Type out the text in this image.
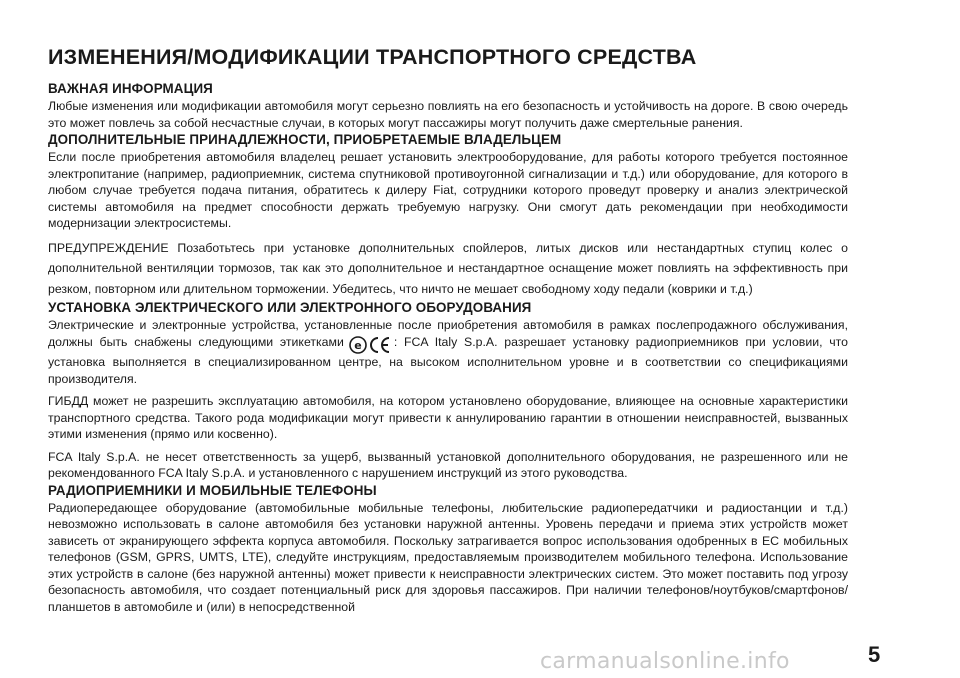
ИЗМЕНЕНИЯ/МОДИФИКАЦИИ ТРАНСПОРТНОГО СРЕДСТВА
ВАЖНАЯ ИНФОРМАЦИЯ

Любые изменения или модификации автомобиля могут серьезно повлиять на его безопасность и устойчивость на дороге. В свою очередь это может повлечь за собой несчастные случаи, в которых могут пассажиры могут получить даже смертельные ранения.

ДОПОЛНИТЕЛЬНЫЕ ПРИНАДЛЕЖНОСТИ, ПРИОБРЕТАЕМЫЕ ВЛАДЕЛЬЦЕМ

Если после приобретения автомобиля владелец решает установить электрооборудование, для работы которого требуется постоянное электропитание (например, радиоприемник, система спутниковой противоугонной сигнализации и т.д.) или оборудование, для которого в любом случае требуется подача питания, обратитесь к дилеру Fiat, сотрудники которого проведут проверку и анализ электрической системы автомобиля на предмет способности держать требуемую нагрузку. Они смогут дать рекомендации при необходимости модернизации электросистемы.

ПРЕДУПРЕЖДЕНИЕ Позаботьтесь при установке дополнительных спойлеров, литых дисков или нестандартных ступиц колес о дополнительной вентиляции тормозов, так как это дополнительное и нестандартное оснащение может повлиять на эффективность при резком, повторном или длительном торможении. Убедитесь, что ничто не мешает свободному ходу педали (коврики и т.д.)

УСТАНОВКА ЭЛЕКТРИЧЕСКОГО ИЛИ ЭЛЕКТРОННОГО ОБОРУДОВАНИЯ

Электрические и электронные устройства, установленные после приобретения автомобиля в рамках послепродажного обслуживания, должны быть снабжены следующими этикетками e	: FCA Italy S.p.A. разрешает установку радиоприемников при условии, что установка выполняется в специализированном центре, на высоком исполнительном уровне и в соответствии со спецификациями производителя.

ГИБДД может не разрешить эксплуатацию автомобиля, на котором установлено оборудование, влияющее на основные характеристики транспортного средства. Такого рода модификации могут привести к аннулированию гарантии в отношении неисправностей, вызванных этими изменения (прямо или косвенно).

FCA Italy S.p.A. не несет ответственность за ущерб, вызванный установкой дополнительного оборудования, не разрешенного или не рекомендованного FCA Italy S.p.A. и установленного с нарушением инструкций из этого руководства.

РАДИОПРИЕМНИКИ И МОБИЛЬНЫЕ ТЕЛЕФОНЫ

Радиопередающее оборудование (автомобильные мобильные телефоны, любительские радиопередатчики и радиостанции и т.д.) невозможно использовать в салоне автомобиля без установки наружной антенны. Уровень передачи и приема этих устройств может зависеть от экранирующего эффекта корпуса автомобиля. Поскольку затрагивается вопрос использования одобренных в ЕС мобильных телефонов (GSM, GPRS, UMTS, LTE), следуйте инструкциям, предоставляемым производителем мобильного телефона. Использование этих устройств в салоне (без наружной антенны) может привести к неисправности электрических систем. Это может поставить под угрозу безопасность автомобиля, что создает потенциальный риск для здоровья пассажиров. При наличии телефонов/ноутбуков/смартфонов/планшетов в автомобиле и (или) в непосредственной

5
carmanualsonline.info
